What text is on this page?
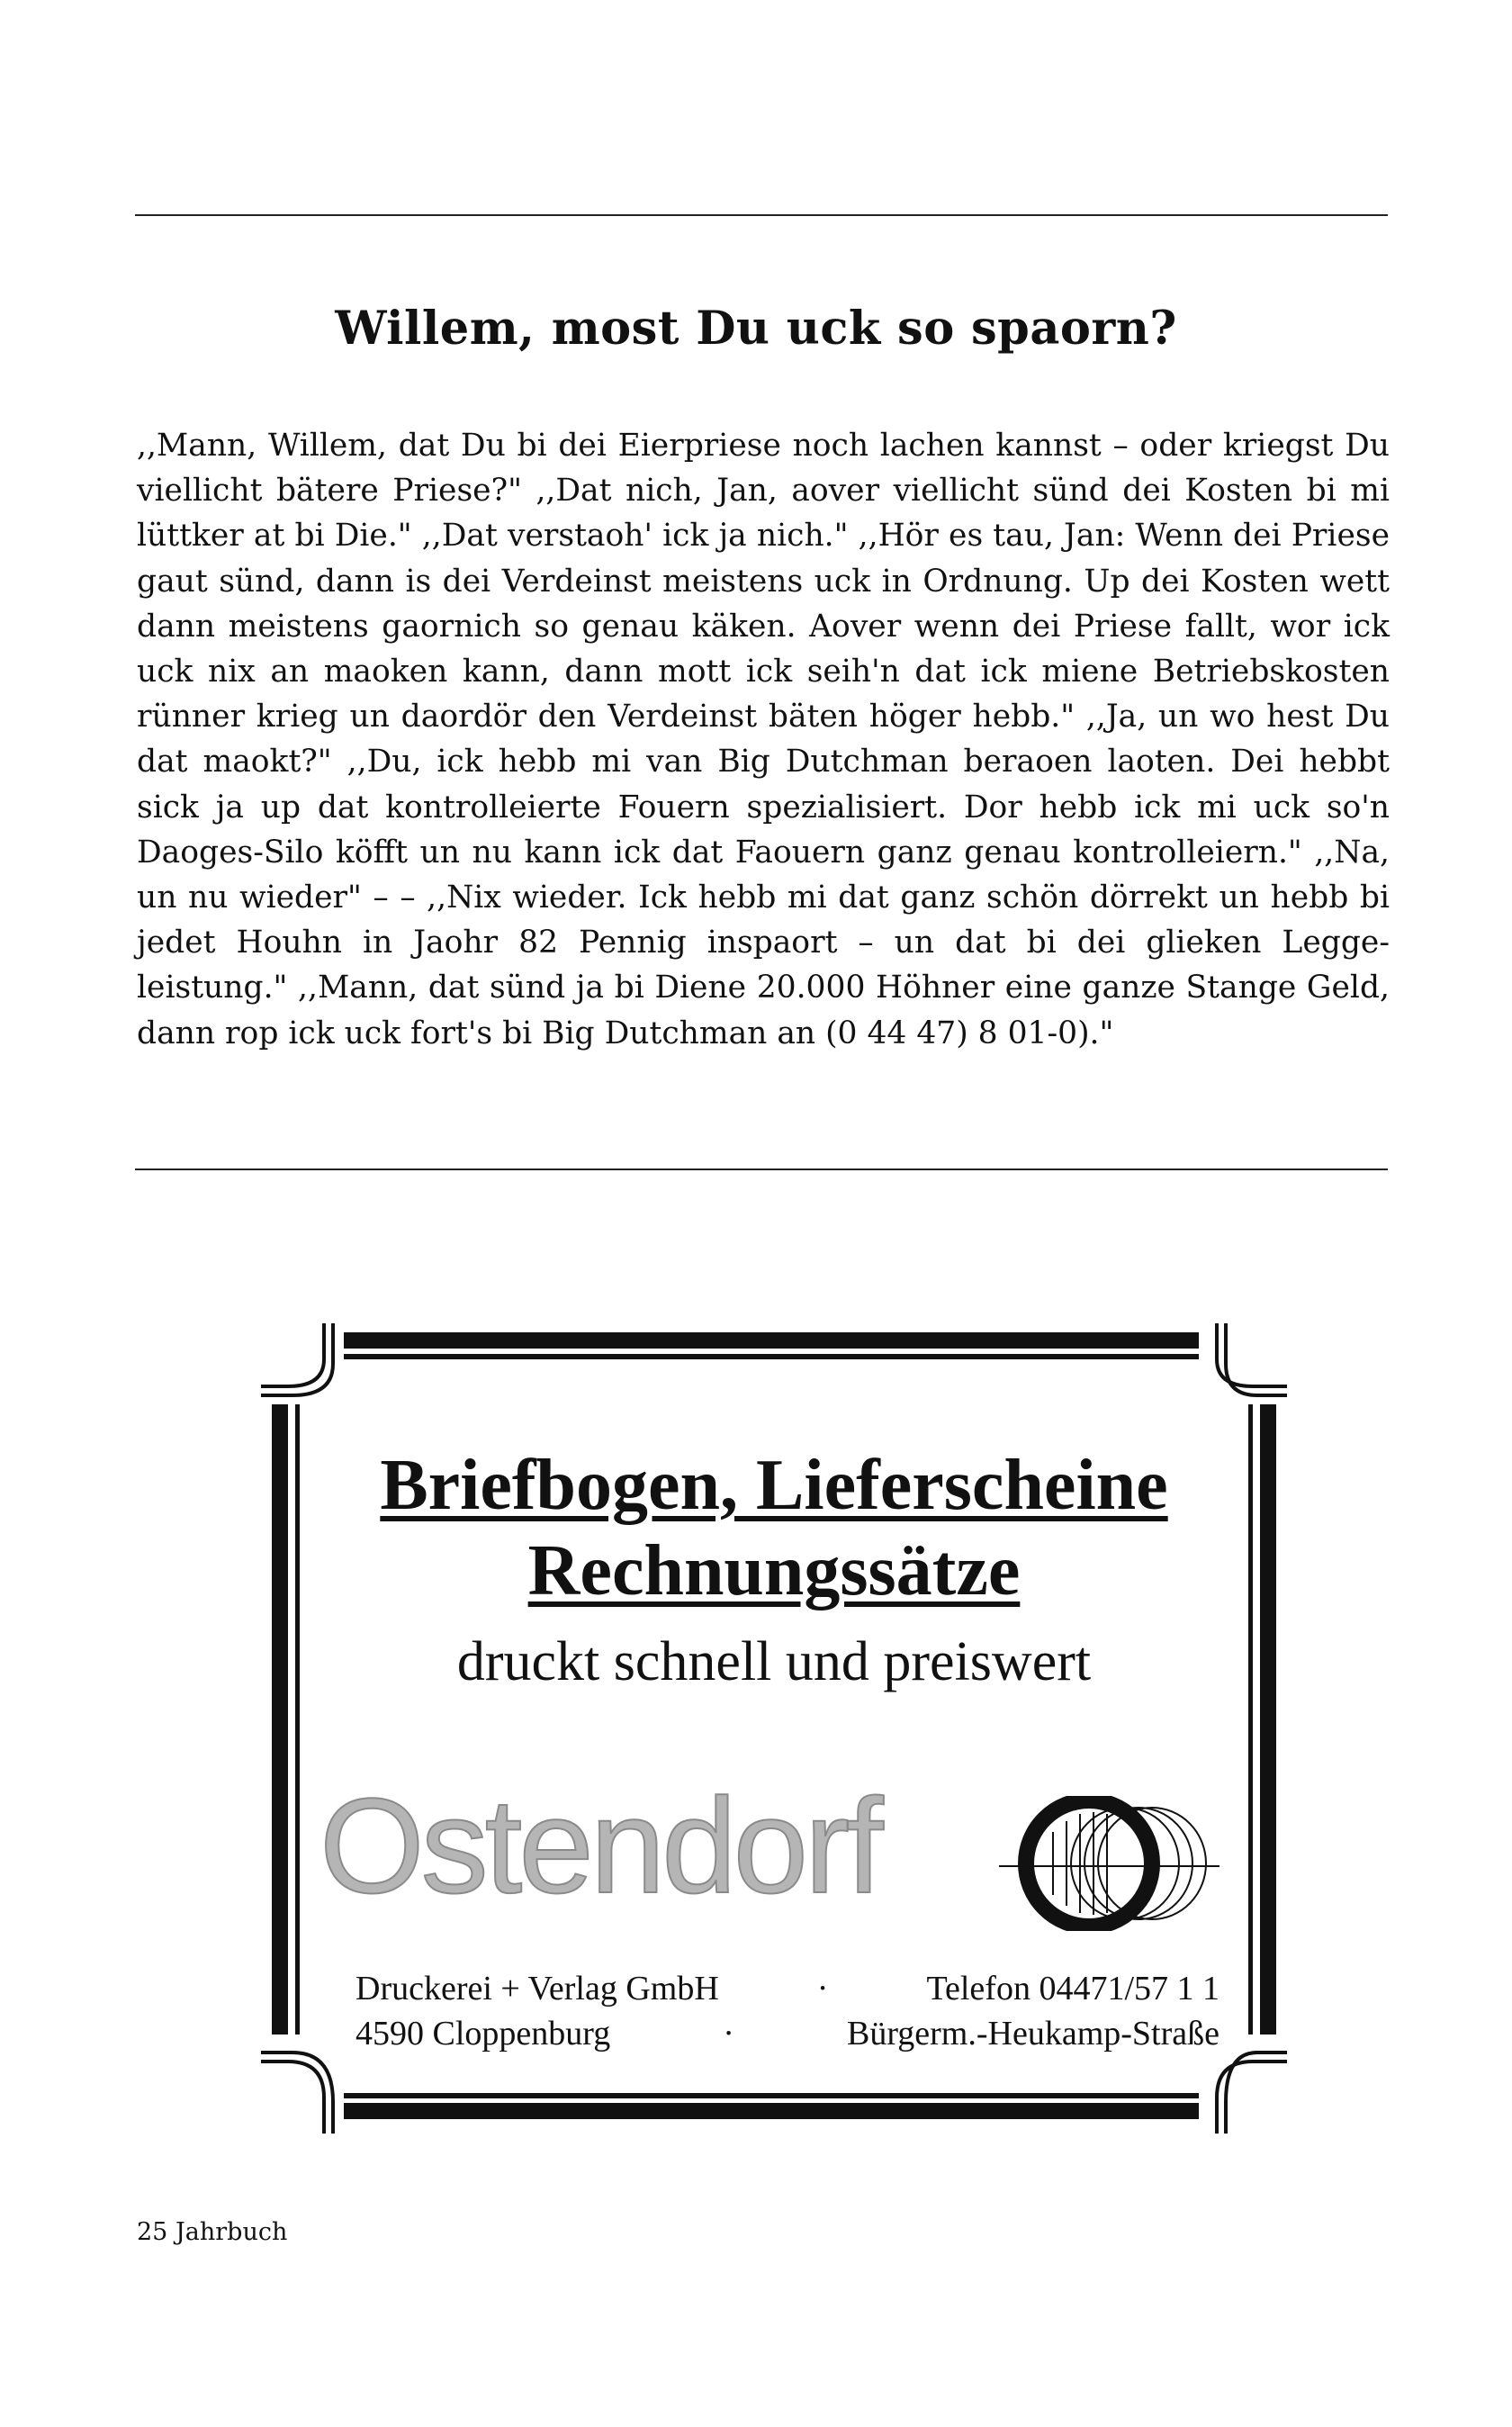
Willem, most Du uck so spaorn?

,,Mann, Willem, dat Du bi dei Eierpriese noch lachen kannst – oder kriegst Du viellicht bätere Priese?" ,,Dat nich, Jan, aover viellicht sünd dei Kosten bi mi lüttker at bi Die." ,,Dat verstaoh' ick ja nich." ,,Hör es tau, Jan: Wenn dei Priese gaut sünd, dann is dei Verdeinst meistens uck in Ordnung. Up dei Kosten wett dann meistens gaornich so genau käken. Aover wenn dei Priese fallt, wor ick uck nix an maoken kann, dann mott ick seih'n dat ick miene Betriebskosten rünner krieg un daordör den Verdeinst bäten höger hebb." ,,Ja, un wo hest Du dat maokt?" ,,Du, ick hebb mi van Big Dutchman beraoen laoten. Dei hebbt sick ja up dat kontrolleierte Fouern spezialisiert. Dor hebb ick mi uck so'n Daoges-Silo köfft un nu kann ick dat Faouern ganz genau kontrolleiern." ,,Na, un nu wieder" – – ,,Nix wieder. Ick hebb mi dat ganz schön dörrekt un hebb bi jedet Houhn in Jaohr 82 Pennig inspaort – un dat bi dei glieken Legge-leistung." ,,Mann, dat sünd ja bi Diene 20.000 Höhner eine ganze Stange Geld, dann rop ick uck fort's bi Big Dutchman an (0 44 47) 8 01-0)."

Briefbogen, Lieferscheine
Rechnungssätze
druckt schnell und preiswert
Ostendorf
Druckerei + Verlag GmbH	·	Telefon 04471/57 1 1
4590 Cloppenburg	·	Bürgerm.-Heukamp-Straße
25 Jahrbuch
